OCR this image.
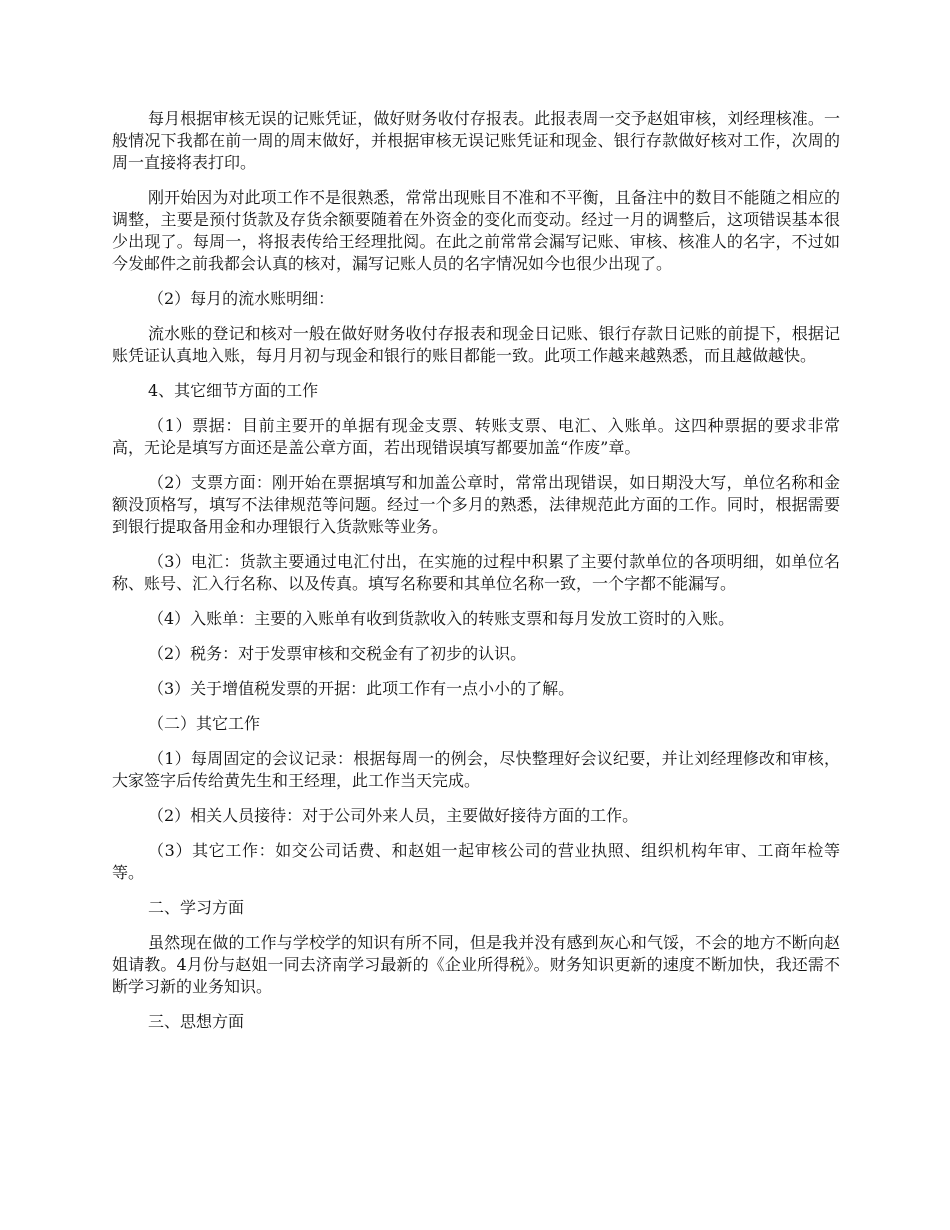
每月根据审核无误的记账凭证，做好财务收付存报表。此报表周一交予赵姐审核，刘经理核准。一般情况下我都在前一周的周末做好，并根据审核无误记账凭证和现金、银行存款做好核对工作，次周的周一直接将表打印。

刚开始因为对此项工作不是很熟悉，常常出现账目不准和不平衡，且备注中的数目不能随之相应的调整，主要是预付货款及存货余额要随着在外资金的变化而变动。经过一月的调整后，这项错误基本很少出现了。每周一，将报表传给王经理批阅。在此之前常常会漏写记账、审核、核准人的名字，不过如今发邮件之前我都会认真的核对，漏写记账人员的名字情况如今也很少出现了。

（2）每月的流水账明细：

流水账的登记和核对一般在做好财务收付存报表和现金日记账、银行存款日记账的前提下，根据记账凭证认真地入账，每月月初与现金和银行的账目都能一致。此项工作越来越熟悉，而且越做越快。

4、其它细节方面的工作

（1）票据：目前主要开的单据有现金支票、转账支票、电汇、入账单。这四种票据的要求非常高，无论是填写方面还是盖公章方面，若出现错误填写都要加盖“作废”章。

（2）支票方面：刚开始在票据填写和加盖公章时，常常出现错误，如日期没大写，单位名称和金额没顶格写，填写不法律规范等问题。经过一个多月的熟悉，法律规范此方面的工作。同时，根据需要到银行提取备用金和办理银行入货款账等业务。

（3）电汇：货款主要通过电汇付出，在实施的过程中积累了主要付款单位的各项明细，如单位名称、账号、汇入行名称、以及传真。填写名称要和其单位名称一致，一个字都不能漏写。

（4）入账单：主要的入账单有收到货款收入的转账支票和每月发放工资时的入账。

（2）税务：对于发票审核和交税金有了初步的认识。

（3）关于增值税发票的开据：此项工作有一点小小的了解。

（二）其它工作

（1）每周固定的会议记录：根据每周一的例会，尽快整理好会议纪要，并让刘经理修改和审核，大家签字后传给黄先生和王经理，此工作当天完成。

（2）相关人员接待：对于公司外来人员，主要做好接待方面的工作。

（3）其它工作：如交公司话费、和赵姐一起审核公司的营业执照、组织机构年审、工商年检等等。

二、学习方面

虽然现在做的工作与学校学的知识有所不同，但是我并没有感到灰心和气馁，不会的地方不断向赵姐请教。4月份与赵姐一同去济南学习最新的《企业所得税》。财务知识更新的速度不断加快，我还需不断学习新的业务知识。

三、思想方面
